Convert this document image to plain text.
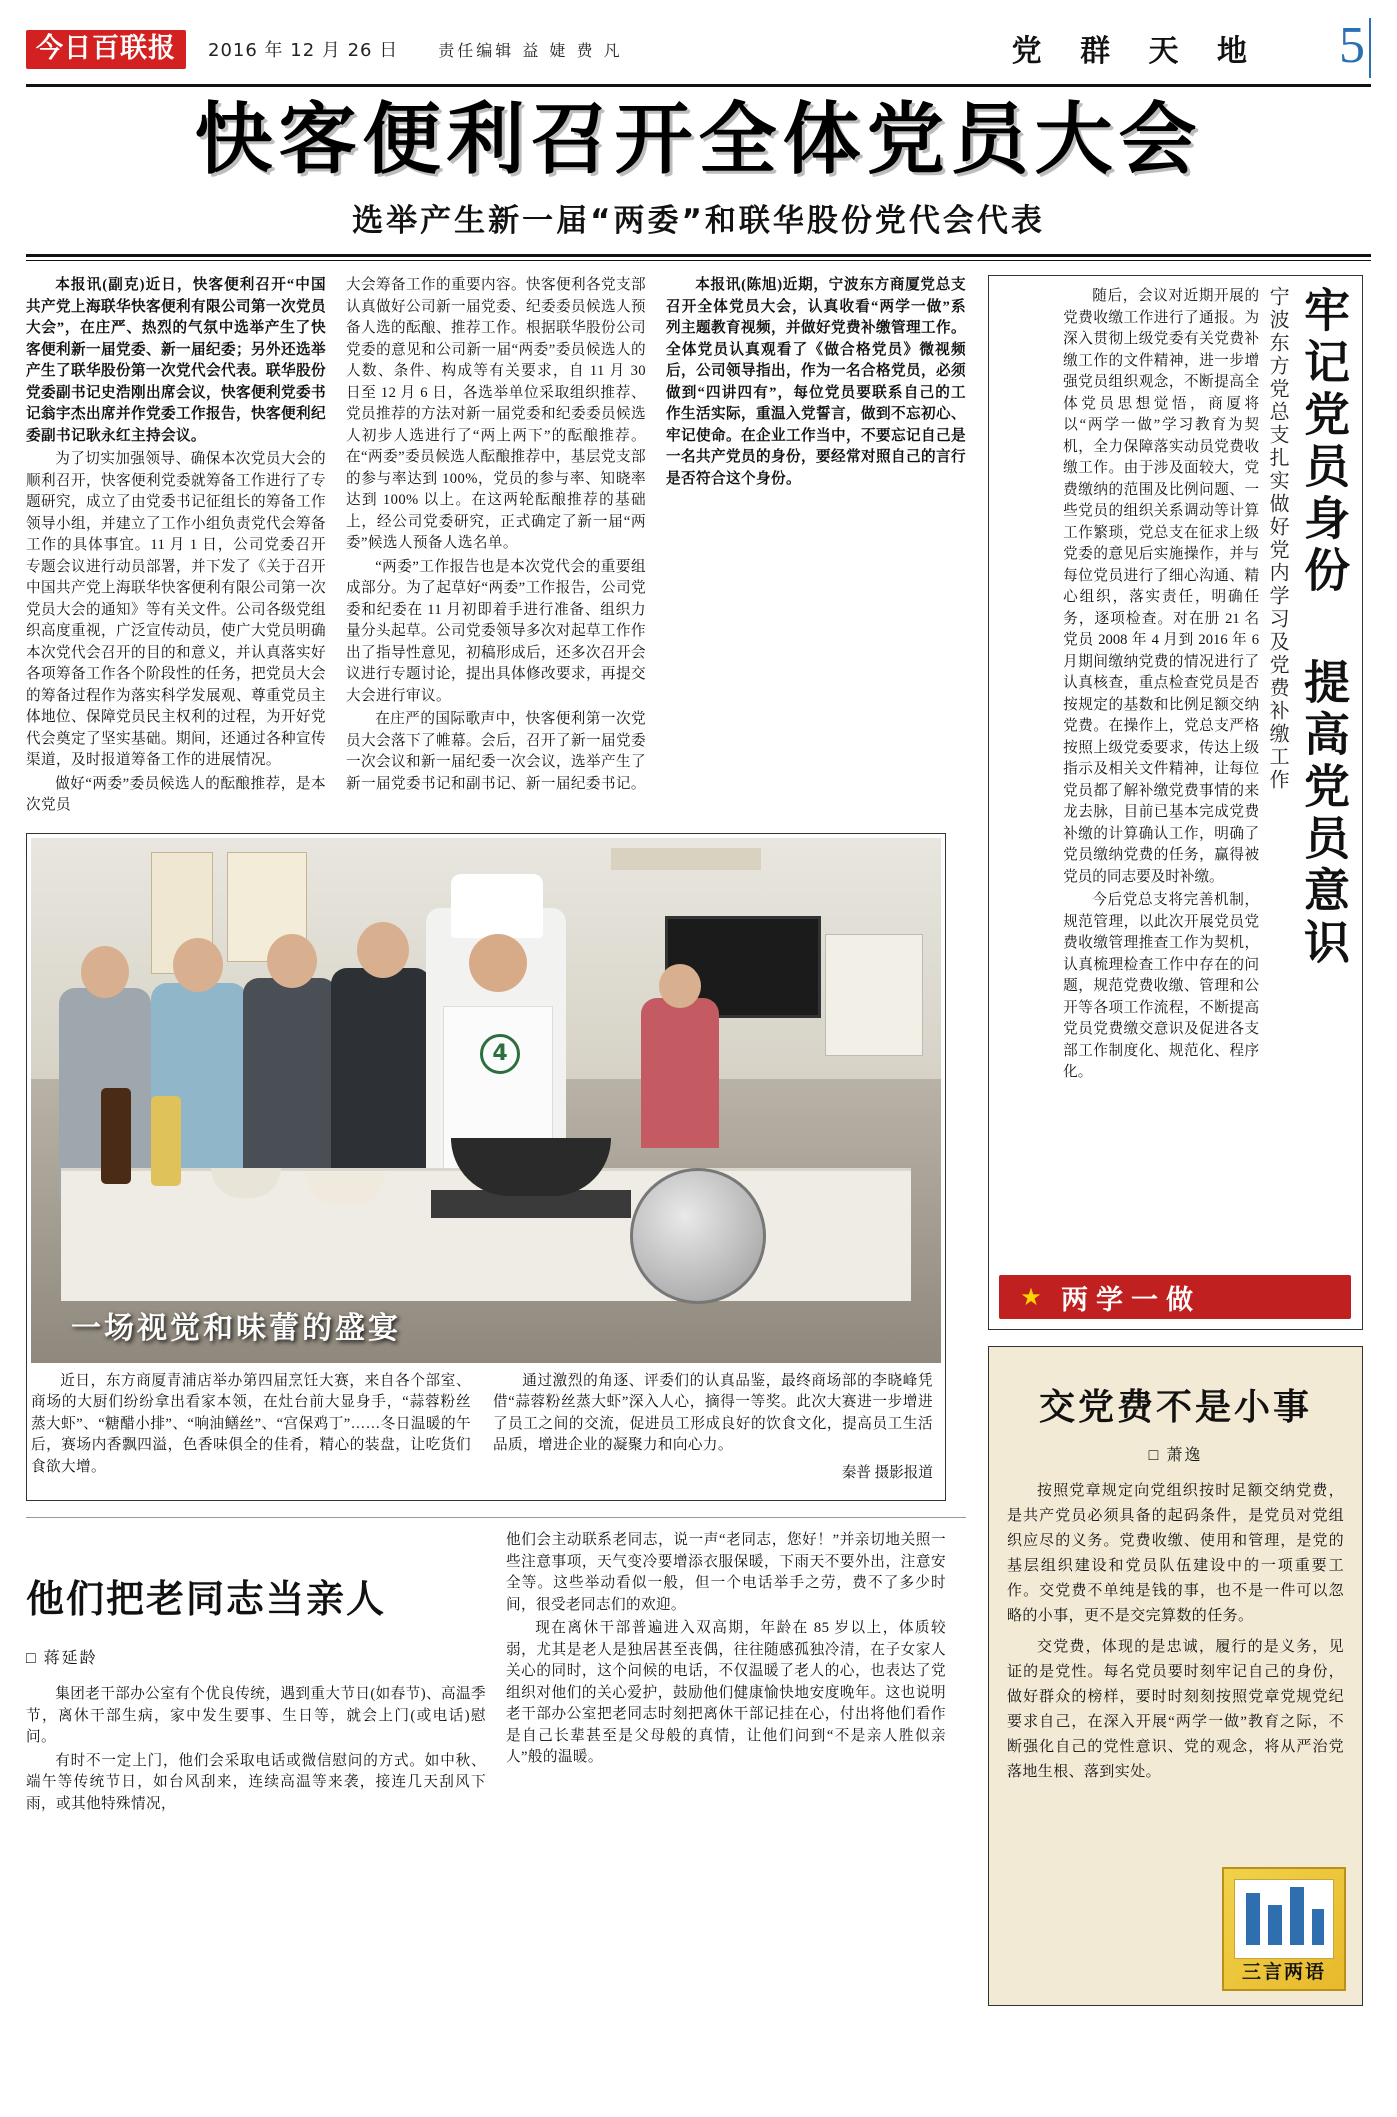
今日百联报	2016 年 12 月 26 日	责任编辑 益 婕 费 凡	党 群 天 地 5
快客便利召开全体党员大会
选举产生新一届“两委”和联华股份党代会代表

本报讯(副克)近日，快客便利召开“中国共产党上海联华快客便利有限公司第一次党员大会”，在庄严、热烈的气氛中选举产生了快客便利新一届党委、新一届纪委；另外还选举产生了联华股份第一次党代会代表。联华股份党委副书记史浩刚出席会议，快客便利党委书记翁宇杰出席并作党委工作报告，快客便利纪委副书记耿永红主持会议。

为了切实加强领导、确保本次党员大会的顺利召开，快客便利党委就筹备工作进行了专题研究，成立了由党委书记征组长的筹备工作领导小组，并建立了工作小组负责党代会筹备工作的具体事宜。11 月 1 日，公司党委召开专题会议进行动员部署，并下发了《关于召开中国共产党上海联华快客便利有限公司第一次党员大会的通知》等有关文件。公司各级党组织高度重视，广泛宣传动员，使广大党员明确本次党代会召开的目的和意义，并认真落实好各项筹备工作各个阶段性的任务，把党员大会的筹备过程作为落实科学发展观、尊重党员主体地位、保障党员民主权利的过程，为开好党代会奠定了坚实基础。期间，还通过各种宣传渠道，及时报道筹备工作的进展情况。

做好“两委”委员候选人的酝酿推荐，是本次党员

大会筹备工作的重要内容。快客便利各党支部认真做好公司新一届党委、纪委委员候选人预备人选的酝酿、推荐工作。根据联华股份公司党委的意见和公司新一届“两委”委员候选人的人数、条件、构成等有关要求，自 11 月 30 日至 12 月 6 日，各选举单位采取组织推荐、党员推荐的方法对新一届党委和纪委委员候选人初步人选进行了“两上两下”的酝酿推荐。在“两委”委员候选人酝酿推荐中，基层党支部的参与率达到 100%，党员的参与率、知晓率达到 100% 以上。在这两轮酝酿推荐的基础上，经公司党委研究，正式确定了新一届“两委”候选人预备人选名单。

“两委”工作报告也是本次党代会的重要组成部分。为了起草好“两委”工作报告，公司党委和纪委在 11 月初即着手进行准备、组织力量分头起草。公司党委领导多次对起草工作作出了指导性意见，初稿形成后，还多次召开会议进行专题讨论，提出具体修改要求，再提交大会进行审议。

在庄严的国际歌声中，快客便利第一次党员大会落下了帷幕。会后，召开了新一届党委一次会议和新一届纪委一次会议，选举产生了新一届党委书记和副书记、新一届纪委书记。

本报讯(陈旭)近期，宁波东方商厦党总支召开全体党员大会，认真收看“两学一做”系列主题教育视频，并做好党费补缴管理工作。全体党员认真观看了《做合格党员》微视频后，公司领导指出，作为一名合格党员，必须做到“四讲四有”，每位党员要联系自己的工作生活实际，重温入党誓言，做到不忘初心、牢记使命。在企业工作当中，不要忘记自己是一名共产党员的身份，要经常对照自己的言行是否符合这个身份。

4
一场视觉和味蕾的盛宴

近日，东方商厦青浦店举办第四届烹饪大赛，来自各个部室、商场的大厨们纷纷拿出看家本领，在灶台前大显身手，“蒜蓉粉丝蒸大虾”、“糖醋小排”、“响油鳝丝”、“宫保鸡丁”……冬日温暖的午后，赛场内香飘四溢，色香味俱全的佳肴，精心的装盘，让吃货们食欲大增。

通过激烈的角逐、评委们的认真品鉴，最终商场部的李晓峰凭借“蒜蓉粉丝蒸大虾”深入人心，摘得一等奖。此次大赛进一步增进了员工之间的交流，促进员工形成良好的饮食文化，提高员工生活品质，增进企业的凝聚力和向心力。

秦普 摄影报道

他们把老同志当亲人
□ 蒋延龄

集团老干部办公室有个优良传统，遇到重大节日(如春节)、高温季节，离休干部生病，家中发生要事、生日等，就会上门(或电话)慰问。

有时不一定上门，他们会采取电话或微信慰问的方式。如中秋、端午等传统节日，如台风刮来，连续高温等来袭，接连几天刮风下雨，或其他特殊情况，

他们会主动联系老同志，说一声“老同志，您好！”并亲切地关照一些注意事项，天气变冷要增添衣服保暖，下雨天不要外出，注意安全等。这些举动看似一般，但一个电话举手之劳，费不了多少时间，很受老同志们的欢迎。

现在离休干部普遍进入双高期，年龄在 85 岁以上，体质较弱，尤其是老人是独居甚至丧偶，往往随感孤独冷清，在子女家人关心的同时，这个问候的电话，不仅温暖了老人的心，也表达了党组织对他们的关心爱护，鼓励他们健康愉快地安度晚年。这也说明老干部办公室把老同志时刻把离休干部记挂在心，付出将他们看作是自己长辈甚至是父母般的真情，让他们问到“不是亲人胜似亲人”般的温暖。

牢记党员身份 提高党员意识
宁波东方党总支扎实做好党内学习及党费补缴工作

随后，会议对近期开展的党费收缴工作进行了通报。为深入贯彻上级党委有关党费补缴工作的文件精神，进一步增强党员组织观念，不断提高全体党员思想觉悟，商厦将以“两学一做”学习教育为契机，全力保障落实动员党费收缴工作。由于涉及面较大，党费缴纳的范围及比例问题、一些党员的组织关系调动等计算工作繁琐，党总支在征求上级党委的意见后实施操作，并与每位党员进行了细心沟通、精心组织，落实责任，明确任务，逐项检查。对在册 21 名党员 2008 年 4 月到 2016 年 6 月期间缴纳党费的情况进行了认真核查，重点检查党员是否按规定的基数和比例足额交纳党费。在操作上，党总支严格按照上级党委要求，传达上级指示及相关文件精神，让每位党员都了解补缴党费事情的来龙去脉，目前已基本完成党费补缴的计算确认工作，明确了党员缴纳党费的任务，赢得被党员的同志要及时补缴。

今后党总支将完善机制，规范管理，以此次开展党员党费收缴管理推查工作为契机，认真梳理检查工作中存在的问题，规范党费收缴、管理和公开等各项工作流程，不断提高党员党费缴交意识及促进各支部工作制度化、规范化、程序化。

★ 两学一做
交党费不是小事
□ 萧逸

按照党章规定向党组织按时足额交纳党费，是共产党员必须具备的起码条件，是党员对党组织应尽的义务。党费收缴、使用和管理，是党的基层组织建设和党员队伍建设中的一项重要工作。交党费不单纯是钱的事，也不是一件可以忽略的小事，更不是交完算数的任务。

交党费，体现的是忠诚，履行的是义务，见证的是党性。每名党员要时刻牢记自己的身份，做好群众的榜样，要时时刻刻按照党章党规党纪要求自己，在深入开展“两学一做”教育之际，不断强化自己的党性意识、党的观念，将从严治党落地生根、落到实处。

三言两语
